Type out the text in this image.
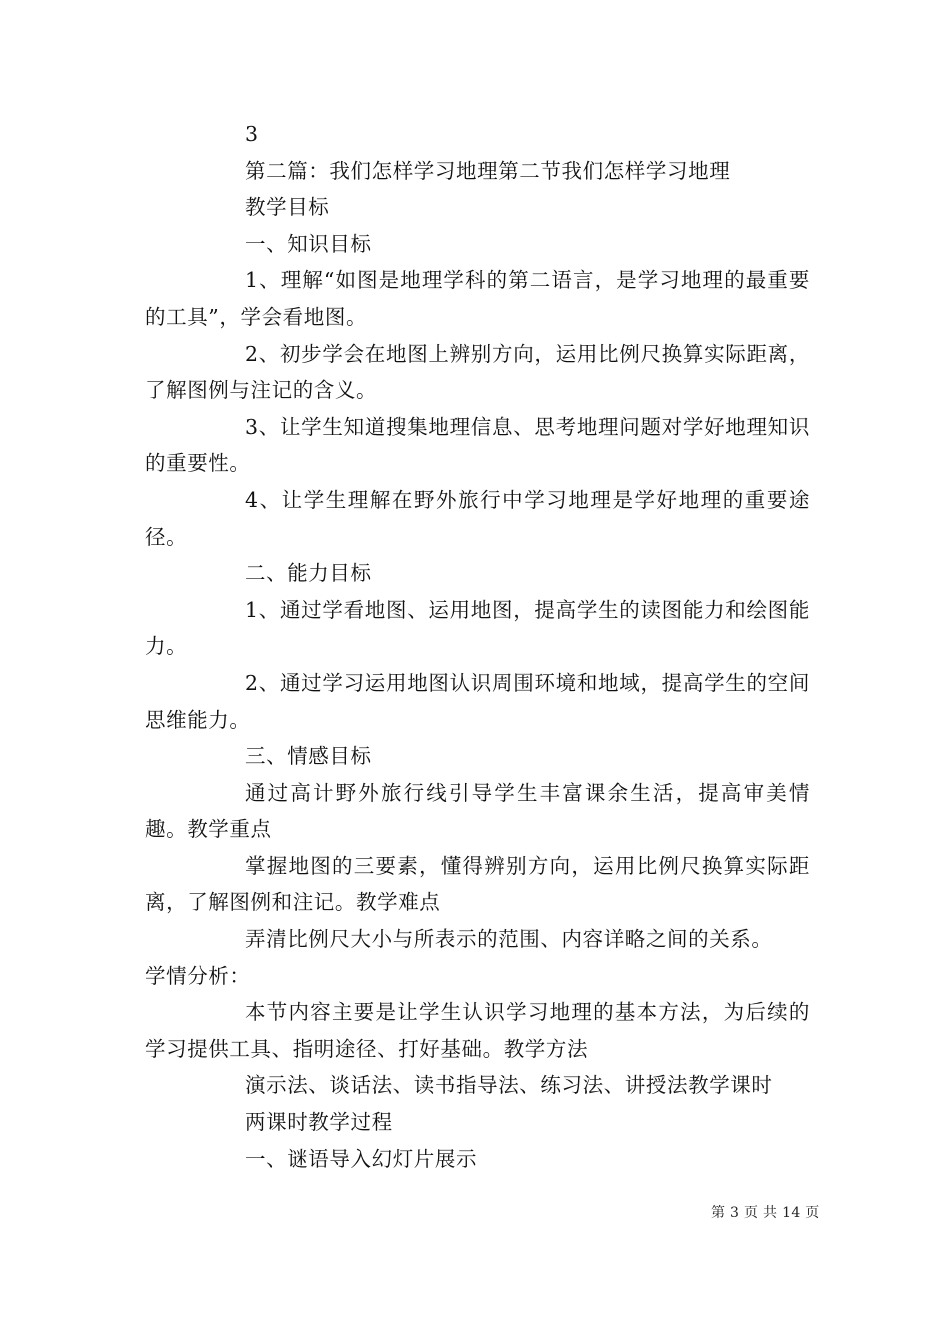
3

第二篇：我们怎样学习地理第二节我们怎样学习地理

教学目标

一、知识目标

1、理解“如图是地理学科的第二语言，是学习地理的最重要的工具”，学会看地图。

2、初步学会在地图上辨别方向，运用比例尺换算实际距离，了解图例与注记的含义。

3、让学生知道搜集地理信息、思考地理问题对学好地理知识的重要性。

4、让学生理解在野外旅行中学习地理是学好地理的重要途径。

二、能力目标

1、通过学看地图、运用地图，提高学生的读图能力和绘图能力。

2、通过学习运用地图认识周围环境和地域，提高学生的空间思维能力。

三、情感目标

通过高计野外旅行线引导学生丰富课余生活，提高审美情趣。教学重点

掌握地图的三要素，懂得辨别方向，运用比例尺换算实际距离，了解图例和注记。教学难点

弄清比例尺大小与所表示的范围、内容详略之间的关系。

学情分析：

本节内容主要是让学生认识学习地理的基本方法，为后续的学习提供工具、指明途径、打好基础。教学方法

演示法、谈话法、读书指导法、练习法、讲授法教学课时

两课时教学过程

一、谜语导入幻灯片展示

第 3 页 共 14 页
